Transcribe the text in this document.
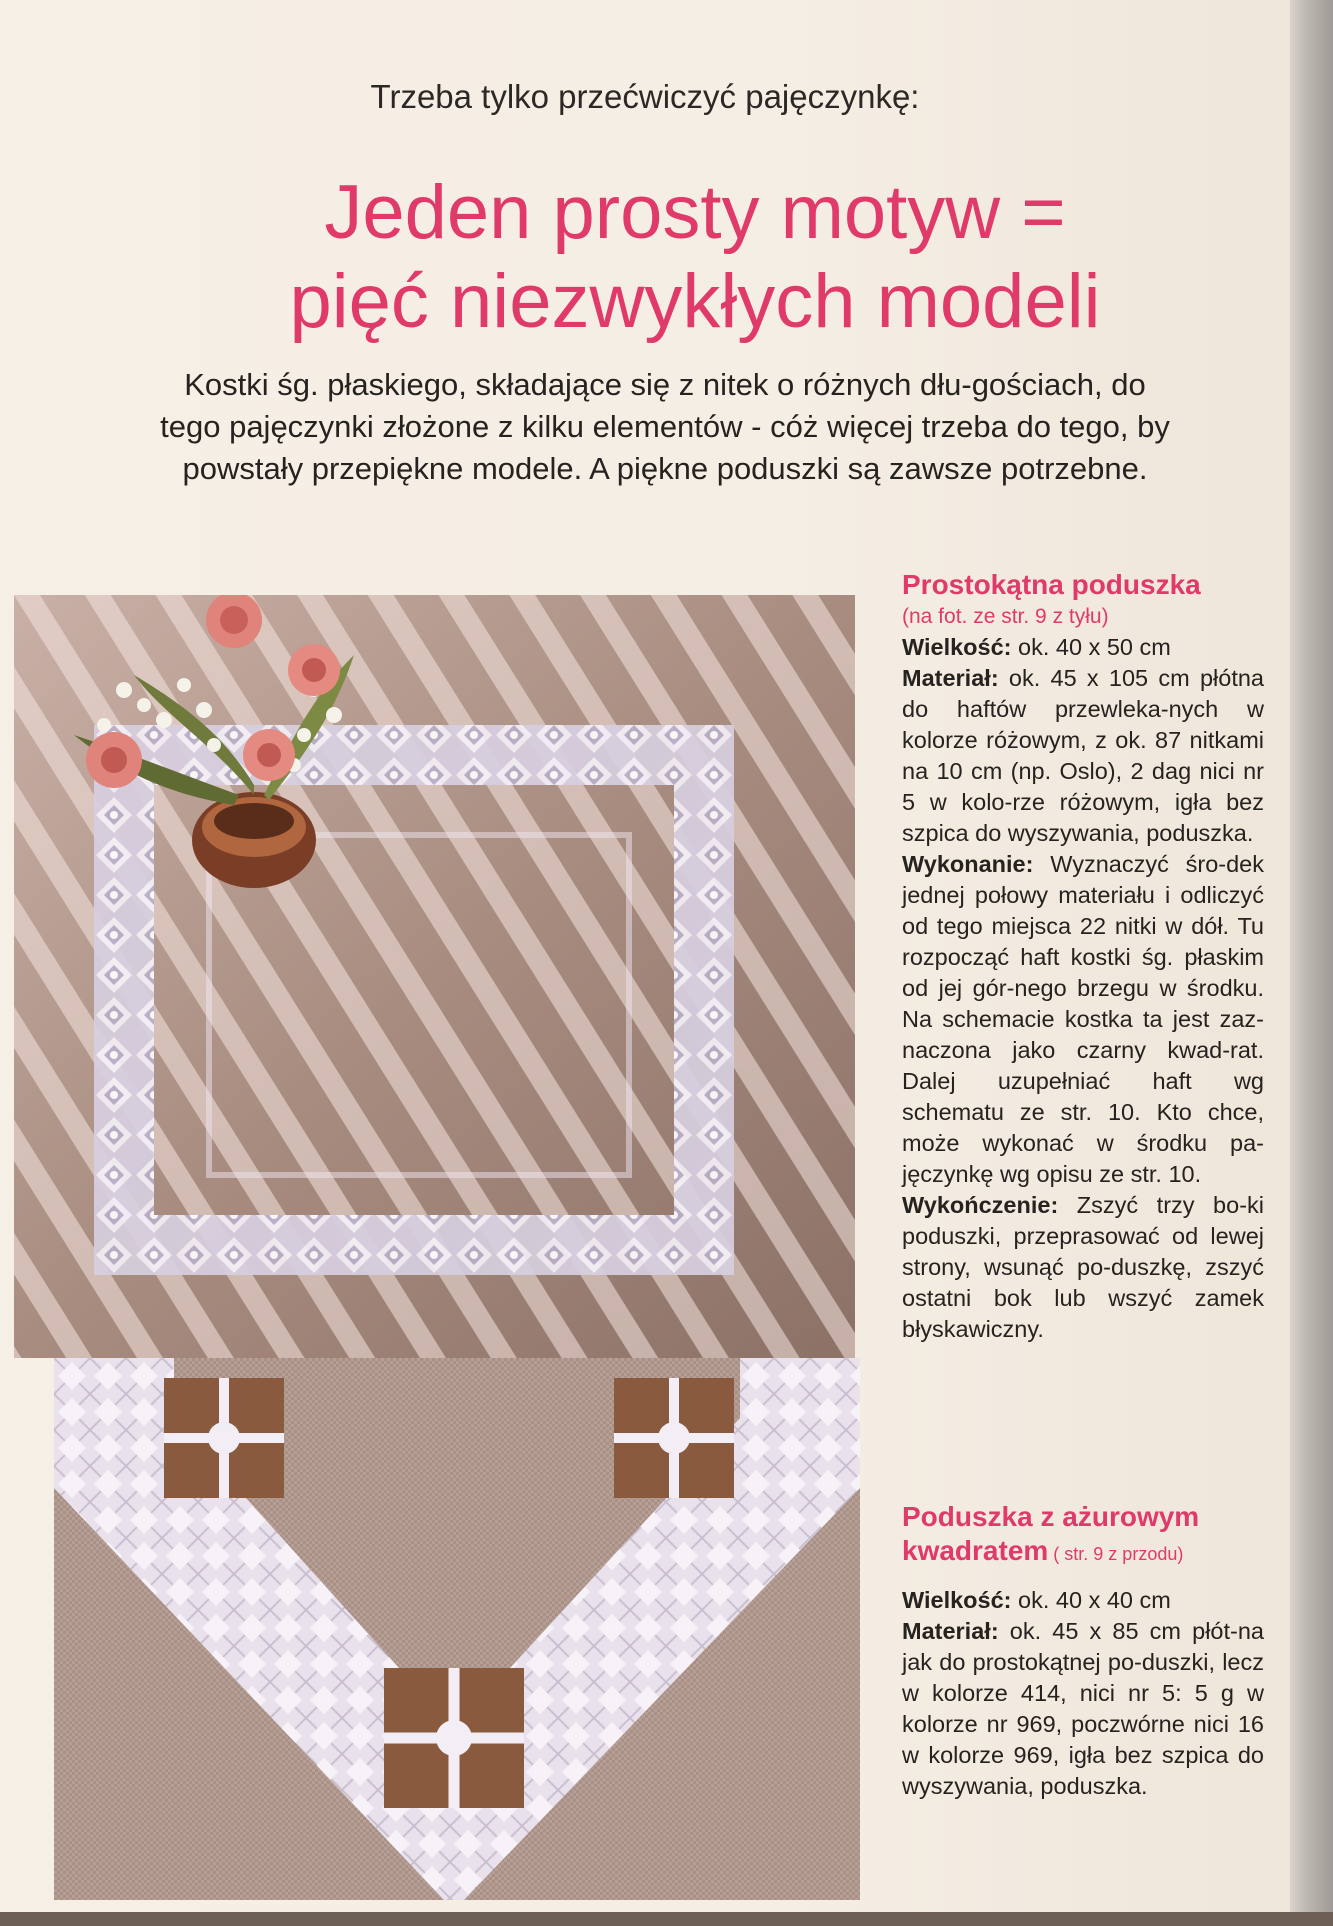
Trzeba tylko przećwiczyć pajęczynkę:
Jeden prosty motyw =
pięć niezwykłych modeli
Kostki śg. płaskiego, składające się z nitek o różnych dłu-gościach, do tego pajęczynki złożone z kilku elementów - cóż więcej trzeba do tego, by powstały przepiękne modele. A piękne poduszki są zawsze potrzebne.

Prostokątna poduszka

(na fot. ze str. 9 z tyłu)

Wielkość: ok. 40 x 50 cm

Materiał: ok. 45 x 105 cm płótna do haftów przewleka-nych w kolorze różowym, z ok. 87 nitkami na 10 cm (np. Oslo), 2 dag nici nr 5 w kolo-rze różowym, igła bez szpica do wyszywania, poduszka.

Wykonanie: Wyznaczyć śro-dek jednej połowy materiału i odliczyć od tego miejsca 22 nitki w dół. Tu rozpocząć haft kostki śg. płaskim od jej gór-nego brzegu w środku. Na schemacie kostka ta jest zaz-naczona jako czarny kwad-rat. Dalej uzupełniać haft wg schematu ze str. 10. Kto chce, może wykonać w środku pa-jęczynkę wg opisu ze str. 10.

Wykończenie: Zszyć trzy bo-ki poduszki, przeprasować od lewej strony, wsunąć po-duszkę, zszyć ostatni bok lub wszyć zamek błyskawiczny.

Poduszka z ażurowym

kwadratem ( str. 9 z przodu)

Wielkość: ok. 40 x 40 cm

Materiał: ok. 45 x 85 cm płót-na jak do prostokątnej po-duszki, lecz w kolorze 414, nici nr 5: 5 g w kolorze nr 969, poczwórne nici 16 w kolorze 969, igła bez szpica do wyszywania, poduszka.
